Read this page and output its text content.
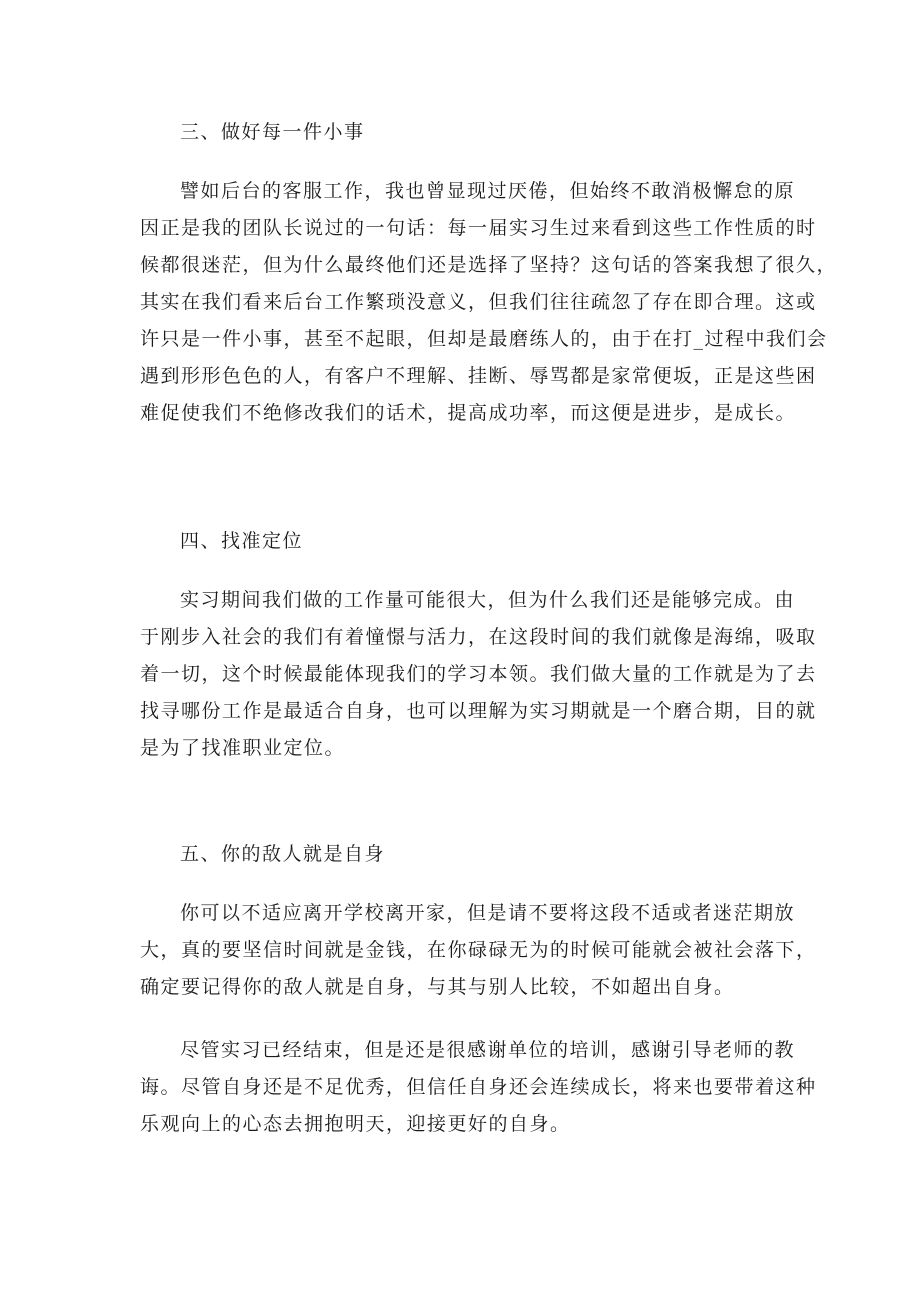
三、做好每一件小事
譬如后台的客服工作，我也曾显现过厌倦，但始终不敢消极懈怠的原
因正是我的团队长说过的一句话：每一届实习生过来看到这些工作性质的时
候都很迷茫，但为什么最终他们还是选择了坚持？这句话的答案我想了很久，
其实在我们看来后台工作繁琐没意义，但我们往往疏忽了存在即合理。这或
许只是一件小事，甚至不起眼，但却是最磨练人的，由于在打_过程中我们会
遇到形形色色的人，有客户不理解、挂断、辱骂都是家常便坂，正是这些困
难促使我们不绝修改我们的话术，提高成功率，而这便是进步，是成长。
四、找准定位
实习期间我们做的工作量可能很大，但为什么我们还是能够完成。由
于刚步入社会的我们有着憧憬与活力，在这段时间的我们就像是海绵，吸取
着一切，这个时候最能体现我们的学习本领。我们做大量的工作就是为了去
找寻哪份工作是最适合自身，也可以理解为实习期就是一个磨合期，目的就
是为了找准职业定位。
五、你的敌人就是自身
你可以不适应离开学校离开家，但是请不要将这段不适或者迷茫期放
大，真的要坚信时间就是金钱，在你碌碌无为的时候可能就会被社会落下，
确定要记得你的敌人就是自身，与其与别人比较，不如超出自身。
尽管实习已经结束，但是还是很感谢单位的培训，感谢引导老师的教
诲。尽管自身还是不足优秀，但信任自身还会连续成长，将来也要带着这种
乐观向上的心态去拥抱明天，迎接更好的自身。
